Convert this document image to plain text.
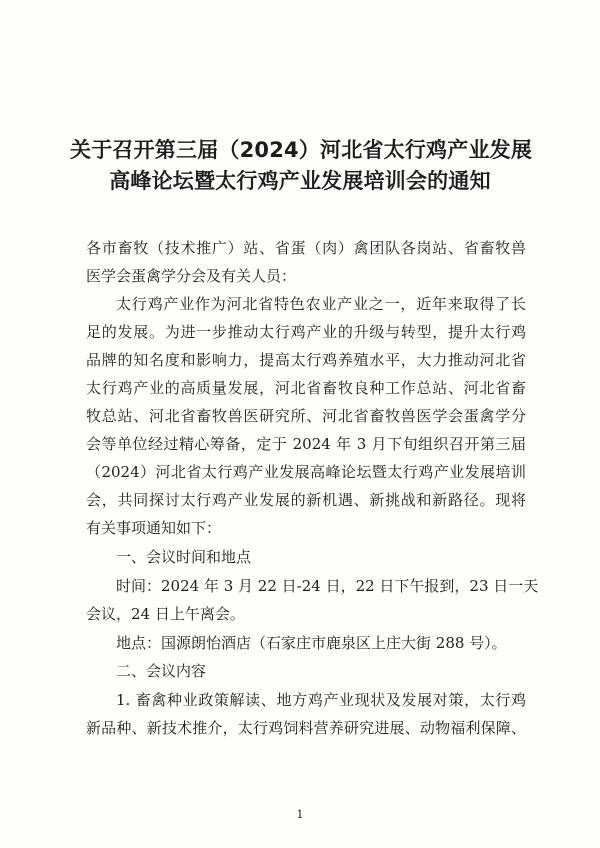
关于召开第三届（2024）河北省太行鸡产业发展
高峰论坛暨太行鸡产业发展培训会的通知
各市畜牧（技术推广）站、省蛋（肉）禽团队各岗站、省畜牧兽
医学会蛋禽学分会及有关人员：
太行鸡产业作为河北省特色农业产业之一，近年来取得了长
足的发展。为进一步推动太行鸡产业的升级与转型，提升太行鸡
品牌的知名度和影响力，提高太行鸡养殖水平，大力推动河北省
太行鸡产业的高质量发展，河北省畜牧良种工作总站、河北省畜
牧总站、河北省畜牧兽医研究所、河北省畜牧兽医学会蛋禽学分
会等单位经过精心筹备，定于 2024 年 3 月下旬组织召开第三届
（2024）河北省太行鸡产业发展高峰论坛暨太行鸡产业发展培训
会，共同探讨太行鸡产业发展的新机遇、新挑战和新路径。现将
有关事项通知如下：
一、会议时间和地点
时间：2024 年 3 月 22 日-24 日，22 日下午报到，23 日一天
会议，24 日上午离会。
地点：国源朗怡酒店（石家庄市鹿泉区上庄大街 288 号）。
二、会议内容
1. 畜禽种业政策解读、地方鸡产业现状及发展对策，太行鸡
新品种、新技术推介，太行鸡饲料营养研究进展、动物福利保障、
1
